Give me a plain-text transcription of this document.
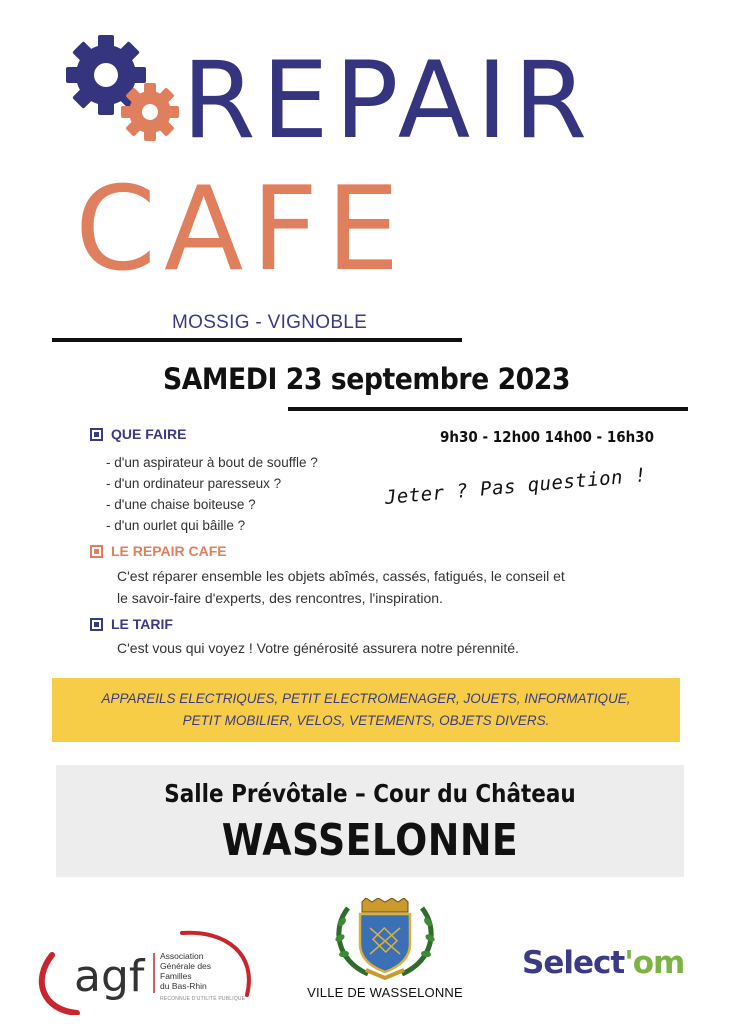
REPAIR
CAFE
MOSSIG - VIGNOBLE
SAMEDI 23 septembre 2023
QUE FAIRE	9h30 - 12h00 14h00 - 16h30
- d'un aspirateur à bout de souffle ?
- d'un ordinateur paresseux ?
- d'une chaise boiteuse ?
- d'un ourlet qui bâille ?
Jeter ? Pas question !
LE REPAIR CAFE
C'est réparer ensemble les objets abîmés, cassés, fatigués, le conseil et
le savoir-faire d'experts, des rencontres, l'inspiration.
LE TARIF
C'est vous qui voyez ! Votre générosité assurera notre pérennité.
APPAREILS ELECTRIQUES, PETIT ELECTROMENAGER, JOUETS, INFORMATIQUE,
PETIT MOBILIER, VELOS, VETEMENTS, OBJETS DIVERS.
Salle Prévôtale – Cour du Château
WASSELONNE
agf Association
Générale des
Familles
du Bas-Rhin
RECONNUE D'UTILITÉ PUBLIQUE	VILLE DE WASSELONNE
Select'om
